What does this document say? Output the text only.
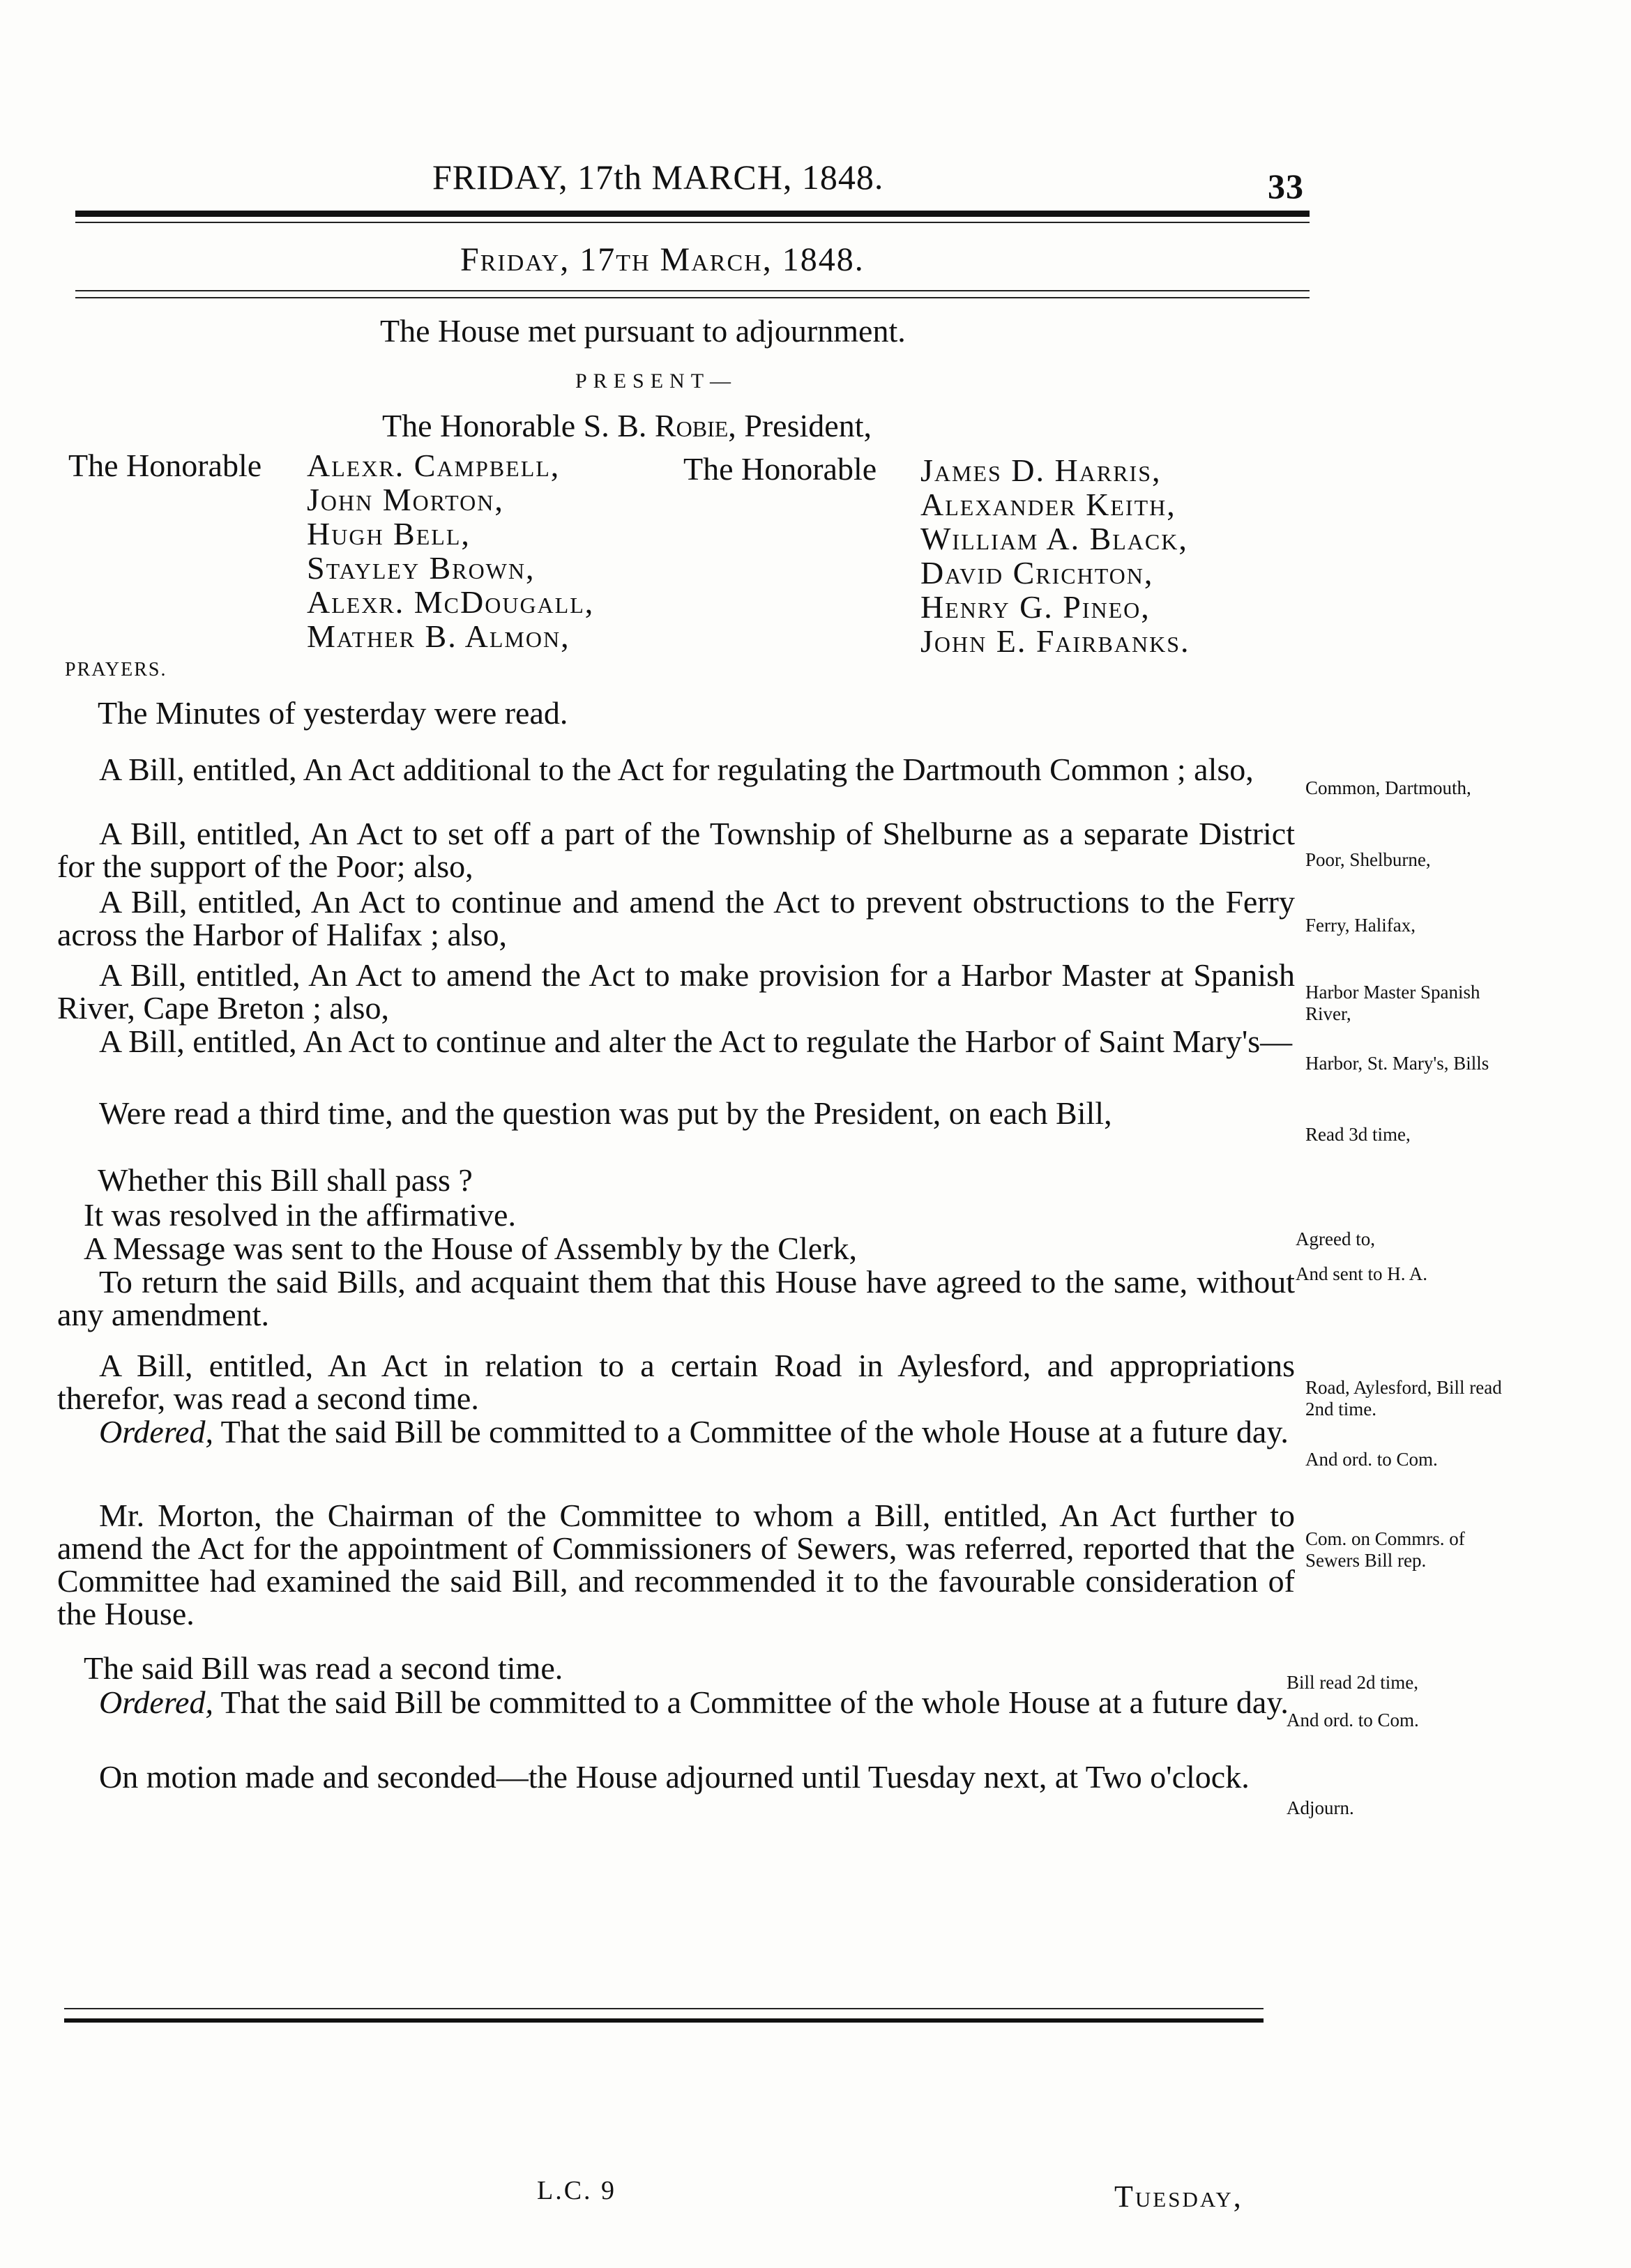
FRIDAY, 17th MARCH, 1848.	33
Friday, 17th March, 1848.
The House met pursuant to adjournment.
PRESENT—
The Honorable S. B. Robie, President,
The Honorable Alexr. Campbell,
John Morton,
Hugh Bell,
Stayley Brown,
Alexr. McDougall,
Mather B. Almon,
The Honorable James D. Harris,
Alexander Keith,
William A. Black,
David Crichton,
Henry G. Pineo,
John E. Fairbanks.
PRAYERS.
The Minutes of yesterday were read.
A Bill, entitled, An Act additional to the Act for regulating the Dartmouth Common ; also,
Common, Dartmouth,
A Bill, entitled, An Act to set off a part of the Township of Shelburne as a separate District for the support of the Poor; also,	Poor, Shelburne,
A Bill, entitled, An Act to continue and amend the Act to prevent obstructions to the Ferry across the Harbor of Halifax ; also,	Ferry, Halifax,
A Bill, entitled, An Act to amend the Act to make provision for a Harbor Master at Spanish River, Cape Breton ; also,	Harbor Master Spanish River,
A Bill, entitled, An Act to continue and alter the Act to regulate the Harbor of Saint Mary's—
Harbor, St. Mary's, Bills
Were read a third time, and the question was put by the President, on each Bill,
Read 3d time,
Whether this Bill shall pass ?
It was resolved in the affirmative.
A Message was sent to the House of Assembly by the Clerk,	Agreed to,
To return the said Bills, and acquaint them that this House have agreed to the same, without any amendment.
And sent to H. A.
A Bill, entitled, An Act in relation to a certain Road in Aylesford, and appropriations therefor, was read a second time.	Road, Aylesford, Bill read 2nd time.
Ordered, That the said Bill be committed to a Committee of the whole House at a future day.
And ord. to Com.
Mr. Morton, the Chairman of the Committee to whom a Bill, entitled, An Act further to amend the Act for the appointment of Commissioners of Sewers, was referred, reported that the Committee had examined the said Bill, and recommended it to the favourable consideration of the House.
Com. on Commrs. of Sewers Bill rep.
The said Bill was read a second time.	Bill read 2d time,
Ordered, That the said Bill be committed to a Committee of the whole House at a future day.
And ord. to Com.
On motion made and seconded—the House adjourned until Tuesday next, at Two o'clock.
Adjourn.
L.C. 9	Tuesday,
